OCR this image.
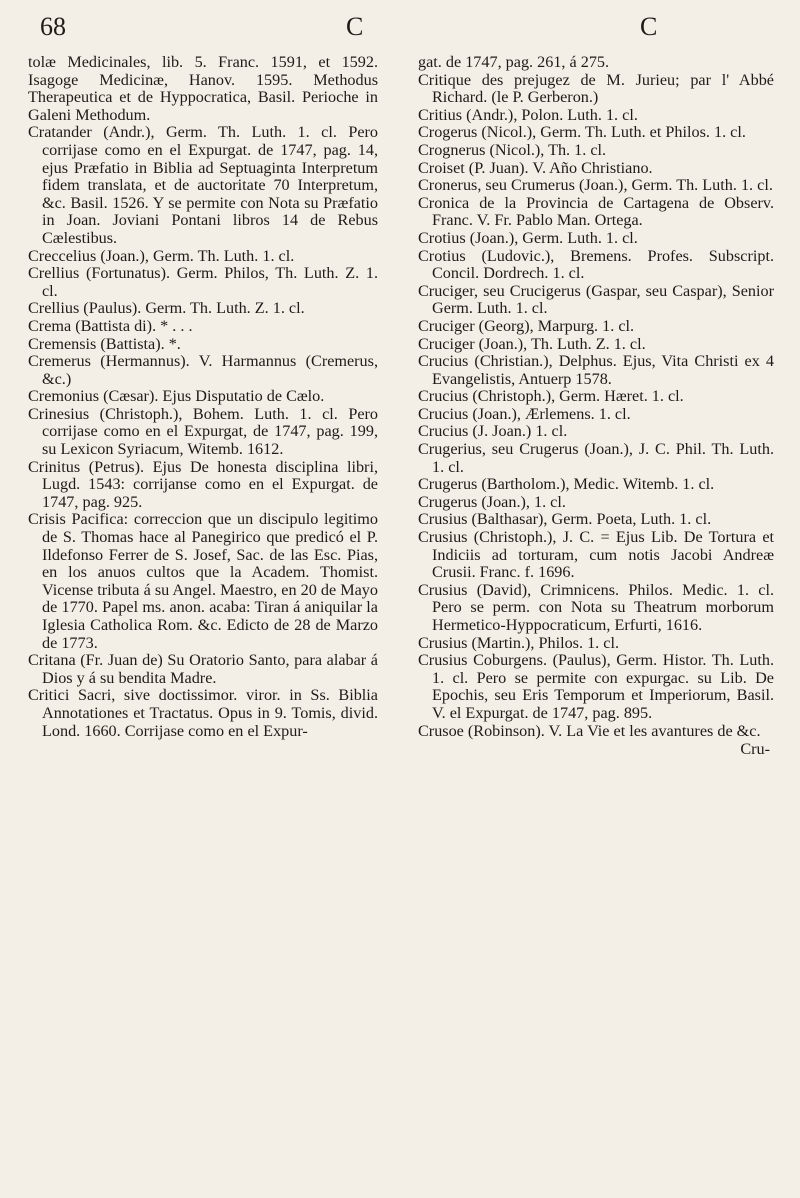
68	C	C

tolæ Medicinales, lib. 5. Franc. 1591, et 1592. Isagoge Medicinæ, Hanov. 1595. Methodus Therapeutica et de Hyppocratica, Basil. Perioche in Galeni Methodum.

Cratander (Andr.), Germ. Th. Luth. 1. cl. Pero corrijase como en el Expurgat. de 1747, pag. 14, ejus Præfatio in Biblia ad Septuaginta Interpretum fidem translata, et de auctoritate 70 Interpretum, &c. Basil. 1526. Y se permite con Nota su Præfatio in Joan. Joviani Pontani libros 14 de Rebus Cælestibus.

Creccelius (Joan.), Germ. Th. Luth. 1. cl.

Crellius (Fortunatus). Germ. Philos, Th. Luth. Z. 1. cl.

Crellius (Paulus). Germ. Th. Luth. Z. 1. cl.

Crema (Battista di). * . . .

Cremensis (Battista). *.

Cremerus (Hermannus). V. Harmannus (Cremerus, &c.)

Cremonius (Cæsar). Ejus Disputatio de Cælo.

Crinesius (Christoph.), Bohem. Luth. 1. cl. Pero corrijase como en el Expurgat, de 1747, pag. 199, su Lexicon Syriacum, Witemb. 1612.

Crinitus (Petrus). Ejus De honesta disciplina libri, Lugd. 1543: corrijanse como en el Expurgat. de 1747, pag. 925.

Crisis Pacifica: correccion que un discipulo legitimo de S. Thomas hace al Panegirico que predicó el P. Ildefonso Ferrer de S. Josef, Sac. de las Esc. Pias, en los anuos cultos que la Academ. Thomist. Vicense tributa á su Angel. Maestro, en 20 de Mayo de 1770. Papel ms. anon. acaba: Tiran á aniquilar la Iglesia Catholica Rom. &c. Edicto de 28 de Marzo de 1773.

Critana (Fr. Juan de) Su Oratorio Santo, para alabar á Dios y á su bendita Madre.

Critici Sacri, sive doctissimor. viror. in Ss. Biblia Annotationes et Tractatus. Opus in 9. Tomis, divid. Lond. 1660. Corrijase como en el Expur-

gat. de 1747, pag. 261, á 275.

Critique des prejugez de M. Jurieu; par l' Abbé Richard. (le P. Gerberon.)

Critius (Andr.), Polon. Luth. 1. cl.

Crogerus (Nicol.), Germ. Th. Luth. et Philos. 1. cl.

Crognerus (Nicol.), Th. 1. cl.

Croiset (P. Juan). V. Año Christiano.

Cronerus, seu Crumerus (Joan.), Germ. Th. Luth. 1. cl.

Cronica de la Provincia de Cartagena de Observ. Franc. V. Fr. Pablo Man. Ortega.

Crotius (Joan.), Germ. Luth. 1. cl.

Crotius (Ludovic.), Bremens. Profes. Subscript. Concil. Dordrech. 1. cl.

Cruciger, seu Crucigerus (Gaspar, seu Caspar), Senior Germ. Luth. 1. cl.

Cruciger (Georg), Marpurg. 1. cl.

Cruciger (Joan.), Th. Luth. Z. 1. cl.

Crucius (Christian.), Delphus. Ejus, Vita Christi ex 4 Evangelistis, Antuerp 1578.

Crucius (Christoph.), Germ. Hæret. 1. cl.

Crucius (Joan.), Ærlemens. 1. cl.

Crucius (J. Joan.) 1. cl.

Crugerius, seu Crugerus (Joan.), J. C. Phil. Th. Luth. 1. cl.

Crugerus (Bartholom.), Medic. Witemb. 1. cl.

Crugerus (Joan.), 1. cl.

Crusius (Balthasar), Germ. Poeta, Luth. 1. cl.

Crusius (Christoph.), J. C. = Ejus Lib. De Tortura et Indiciis ad torturam, cum notis Jacobi Andreæ Crusii. Franc. f. 1696.

Crusius (David), Crimnicens. Philos. Medic. 1. cl. Pero se perm. con Nota su Theatrum morborum Hermetico-Hyppocraticum, Erfurti, 1616.

Crusius (Martin.), Philos. 1. cl.

Crusius Coburgens. (Paulus), Germ. Histor. Th. Luth. 1. cl. Pero se permite con expurgac. su Lib. De Epochis, seu Eris Temporum et Imperiorum, Basil. V. el Expurgat. de 1747, pag. 895.

Crusoe (Robinson). V. La Vie et les avantures de &c.

Cru-
